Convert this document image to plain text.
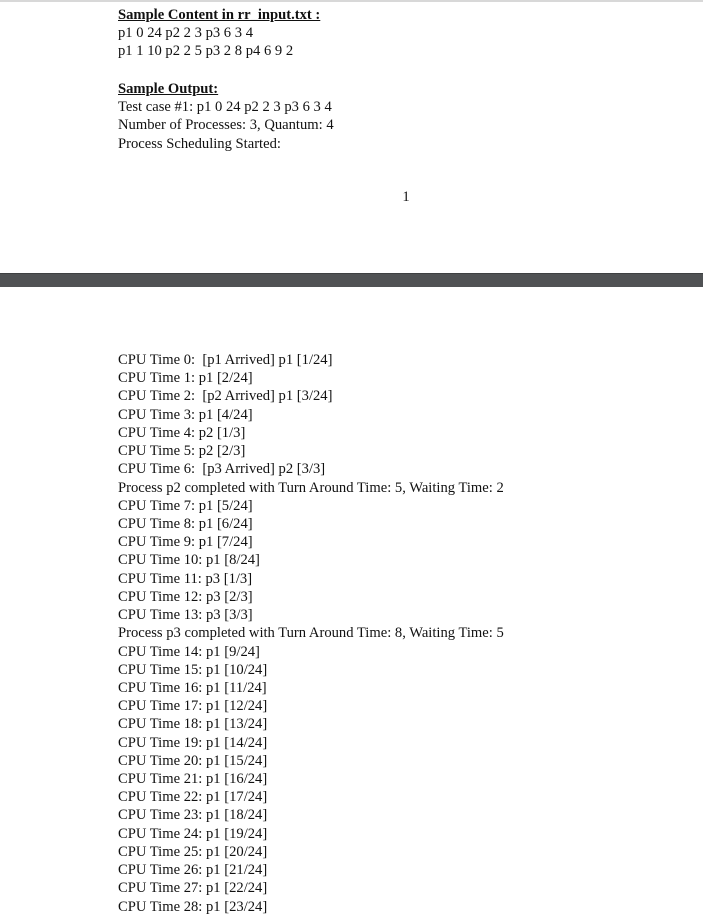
Sample Content in rr_input.txt :
p1 0 24 p2 2 3 p3 6 3 4
p1 1 10 p2 2 5 p3 2 8 p4 6 9 2
Sample Output:
Test case #1: p1 0 24 p2 2 3 p3 6 3 4
Number of Processes: 3, Quantum: 4
Process Scheduling Started:
1
CPU Time 0:  [p1 Arrived] p1 [1/24]
CPU Time 1: p1 [2/24]
CPU Time 2:  [p2 Arrived] p1 [3/24]
CPU Time 3: p1 [4/24]
CPU Time 4: p2 [1/3]
CPU Time 5: p2 [2/3]
CPU Time 6:  [p3 Arrived] p2 [3/3]
Process p2 completed with Turn Around Time: 5, Waiting Time: 2
CPU Time 7: p1 [5/24]
CPU Time 8: p1 [6/24]
CPU Time 9: p1 [7/24]
CPU Time 10: p1 [8/24]
CPU Time 11: p3 [1/3]
CPU Time 12: p3 [2/3]
CPU Time 13: p3 [3/3]
Process p3 completed with Turn Around Time: 8, Waiting Time: 5
CPU Time 14: p1 [9/24]
CPU Time 15: p1 [10/24]
CPU Time 16: p1 [11/24]
CPU Time 17: p1 [12/24]
CPU Time 18: p1 [13/24]
CPU Time 19: p1 [14/24]
CPU Time 20: p1 [15/24]
CPU Time 21: p1 [16/24]
CPU Time 22: p1 [17/24]
CPU Time 23: p1 [18/24]
CPU Time 24: p1 [19/24]
CPU Time 25: p1 [20/24]
CPU Time 26: p1 [21/24]
CPU Time 27: p1 [22/24]
CPU Time 28: p1 [23/24]
